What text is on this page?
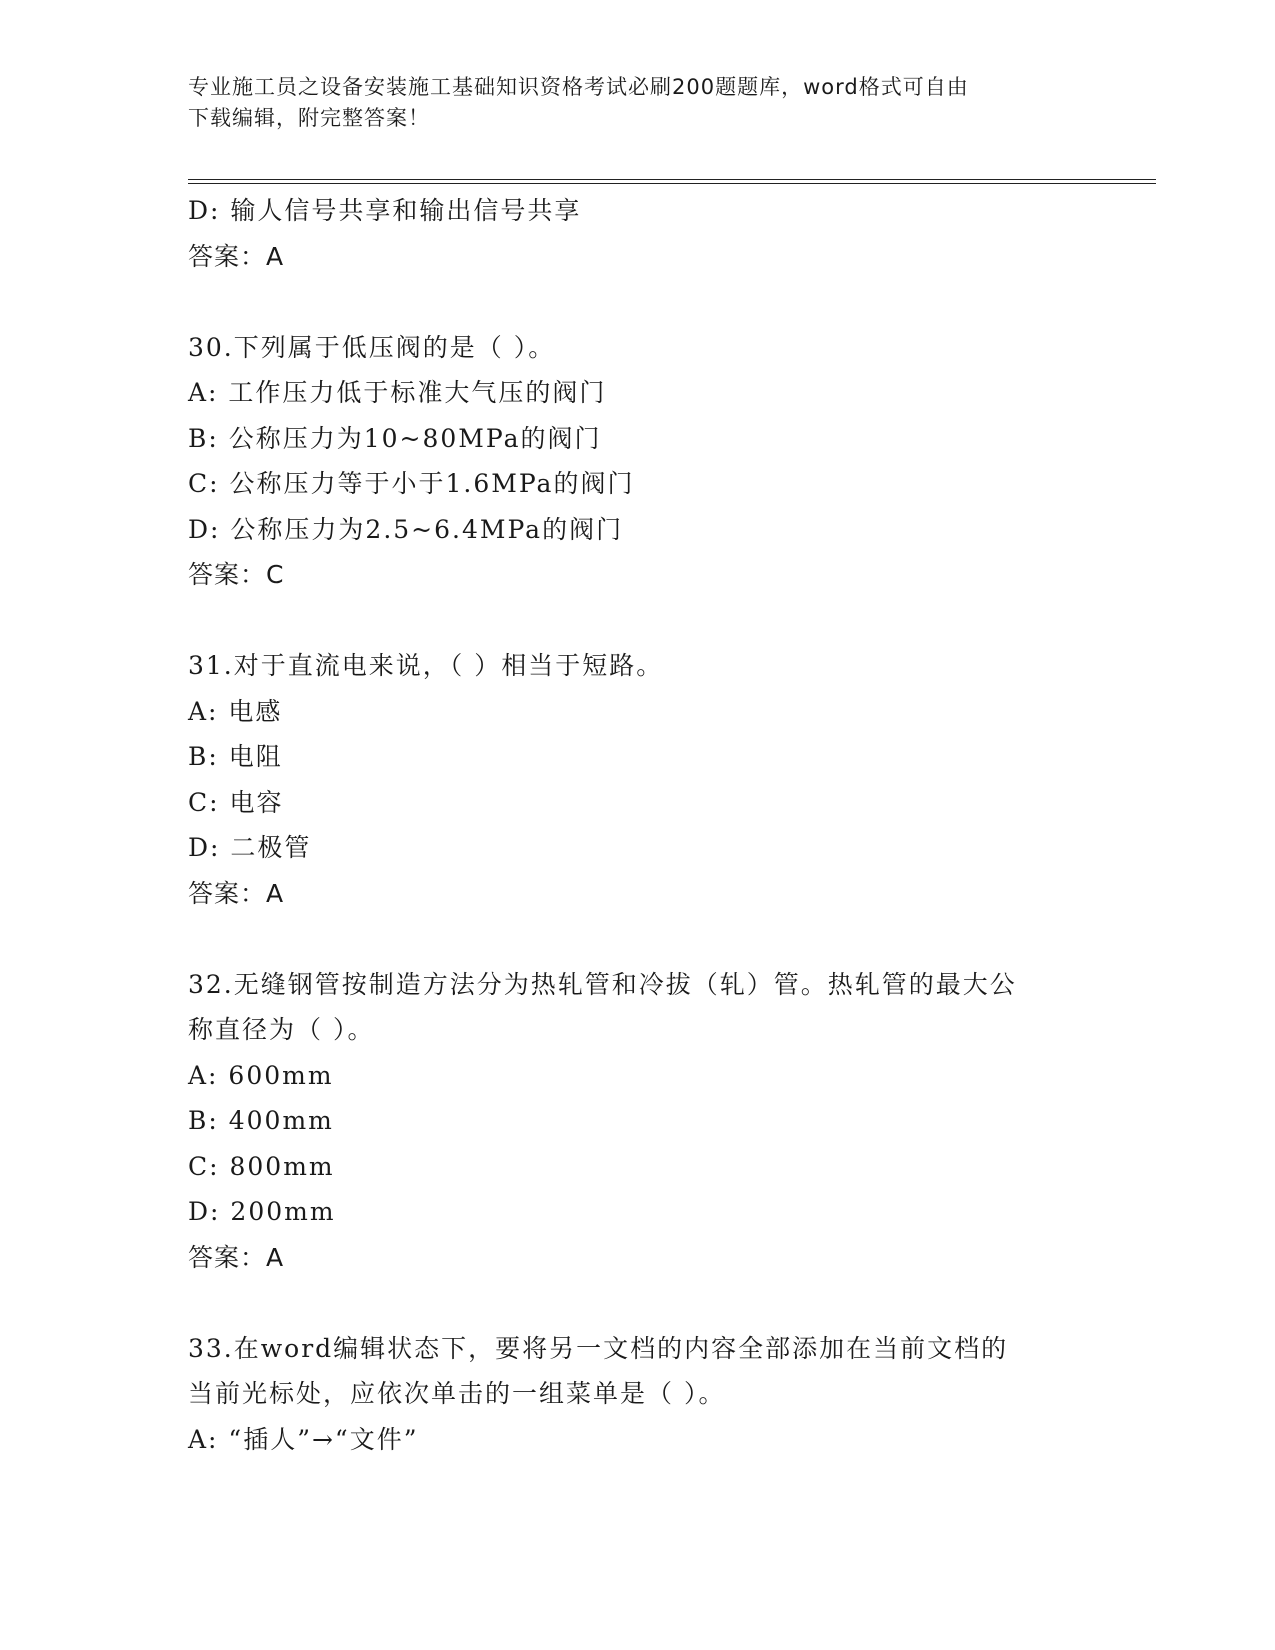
专业施工员之设备安装施工基础知识资格考试必刷200题题库，word格式可自由
下载编辑，附完整答案！
D: 输人信号共享和输出信号共享
答案：A
30.下列属于低压阀的是（ ）。
A: 工作压力低于标准大气压的阀门
B: 公称压力为10~80MPa的阀门
C: 公称压力等于小于1.6MPa的阀门
D: 公称压力为2.5~6.4MPa的阀门
答案：C
31.对于直流电来说，（ ）相当于短路。
A: 电感
B: 电阻
C: 电容
D: 二极管
答案：A
32.无缝钢管按制造方法分为热轧管和冷拔（轧）管。热轧管的最大公
称直径为（ ）。
A: 600mm
B: 400mm
C: 800mm
D: 200mm
答案：A
33.在word编辑状态下，要将另一文档的内容全部添加在当前文档的
当前光标处，应依次单击的一组菜单是（ ）。
A: “插人”→“文件”
